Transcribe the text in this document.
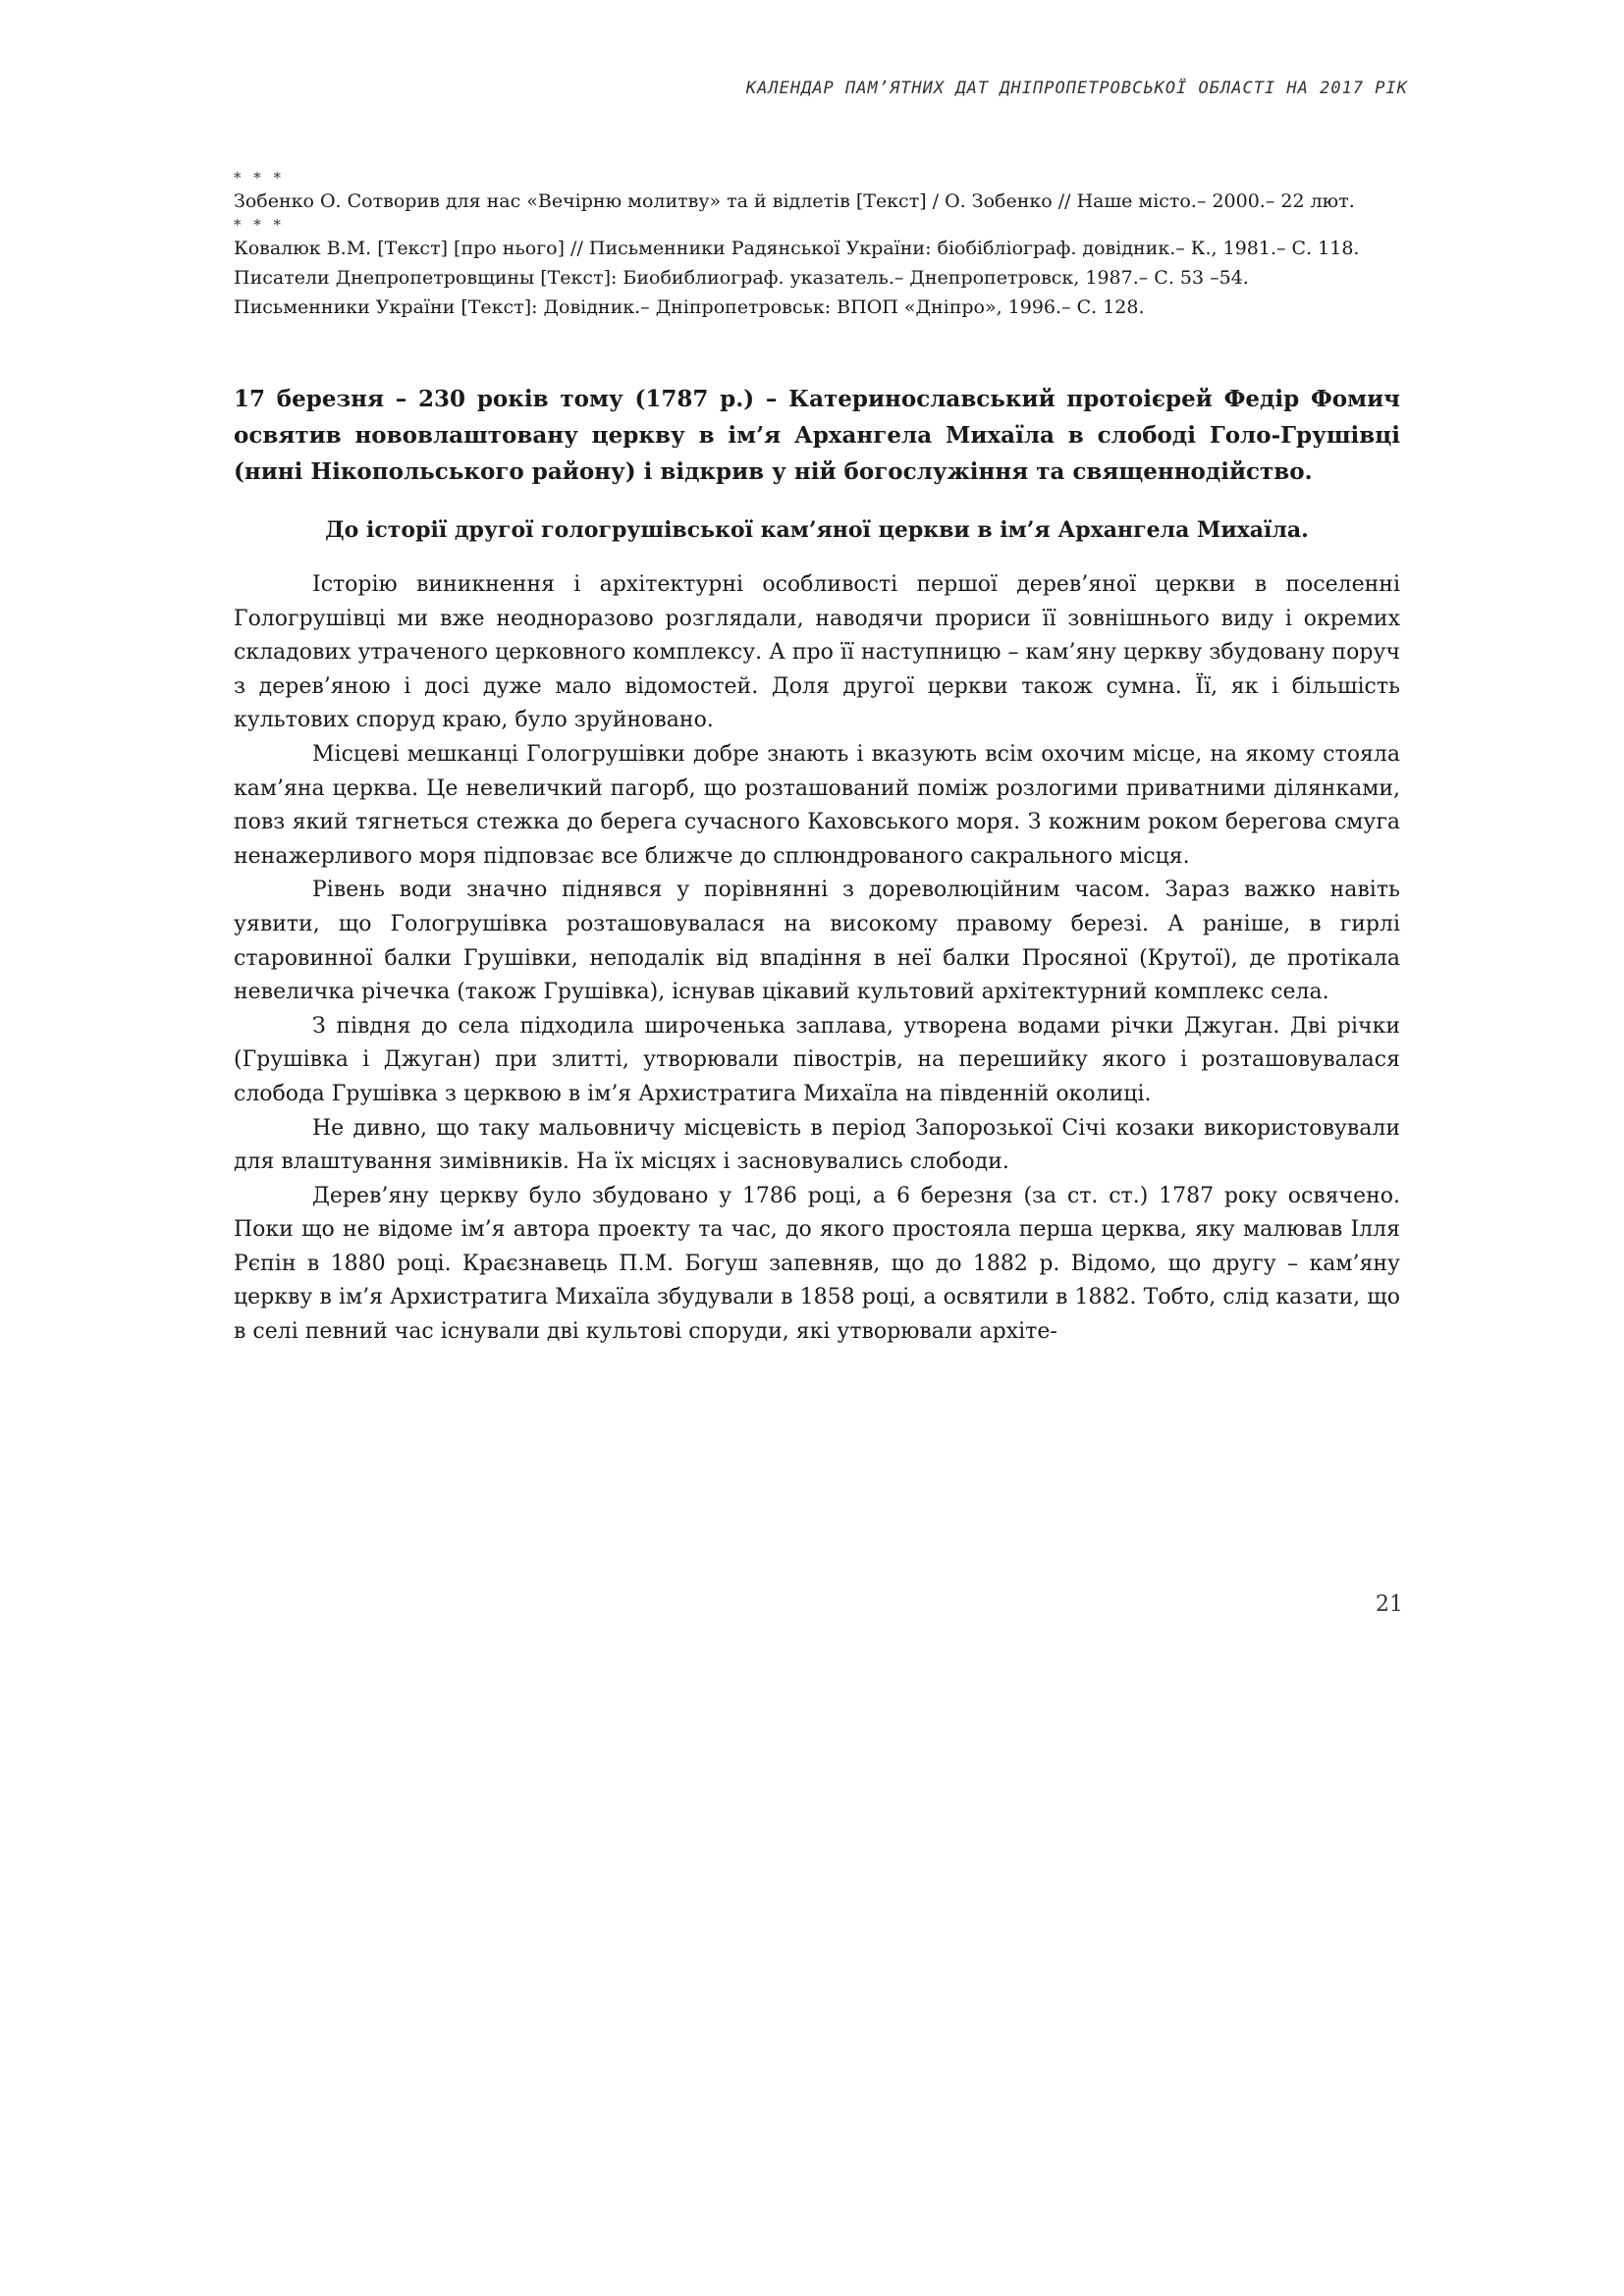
КАЛЕНДАР ПАМ’ЯТНИХ ДАТ ДНІПРОПЕТРОВСЬКОЇ ОБЛАСТІ НА 2017 РІК
* * *

Зобенко О. Сотворив для нас «Вечірню молитву» та й відлетів [Текст] / О. Зобенко // Наше місто.– 2000.– 22 лют.

* * *

Ковалюк В.М. [Текст] [про нього] // Письменники Радянської України: біобібліограф. довідник.– К., 1981.– С. 118.

Писатели Днепропетровщины [Текст]: Биобиблиограф. указатель.– Днепропетровск, 1987.– С. 53 –54.

Письменники України [Текст]: Довідник.– Дніпропетровськ: ВПОП «Дніпро», 1996.– С. 128.

17 березня – 230 років тому (1787 р.) – Катеринославський протоієрей Федір Фомич освятив нововлаштовану церкву в ім’я Архангела Михаїла в слободі Голо-Грушівці (нині Нікопольського району) і відкрив у ній богослужіння та священнодійство.
До історії другої гологрушівської кам’яної церкви в ім’я Архангела Михаїла.

Історію виникнення і архітектурні особливості першої дерев’яної церкви в поселенні Гологрушівці ми вже неодноразово розглядали, наводячи прориси її зовнішнього виду і окремих складових утраченого церковного комплексу. А про її наступницю – кам’яну церкву збудовану поруч з дерев’яною і досі дуже мало відомостей. Доля другої церкви також сумна. Її, як і більшість культових споруд краю, було зруйновано.

Місцеві мешканці Гологрушівки добре знають і вказують всім охочим місце, на якому стояла кам’яна церква. Це невеличкий пагорб, що розташований поміж розлогими приватними ділянками, повз який тягнеться стежка до берега сучасного Каховського моря. З кожним роком берегова смуга ненажерливого моря підповзає все ближче до сплюндрованого сакрального місця.

Рівень води значно піднявся у порівнянні з дореволюційним часом. Зараз важко навіть уявити, що Гологрушівка розташовувалася на високому правому березі. А раніше, в гирлі старовинної балки Грушівки, неподалік від впадіння в неї балки Просяної (Крутої), де протікала невеличка річечка (також Грушівка), існував цікавий культовий архітектурний комплекс села.

З півдня до села підходила широченька заплава, утворена водами річки Джуган. Дві річки (Грушівка і Джуган) при злитті, утворювали півострів, на перешийку якого і розташовувалася слобода Грушівка з церквою в ім’я Архистратига Михаїла на південній околиці.

Не дивно, що таку мальовничу місцевість в період Запорозької Січі козаки використовували для влаштування зимівників. На їх місцях і засновувались слободи.

Дерев’яну церкву було збудовано у 1786 році, а 6 березня (за ст. ст.) 1787 року освячено. Поки що не відоме ім’я автора проекту та час, до якого простояла перша церква, яку малював Ілля Рєпін в 1880 році. Краєзнавець П.М. Богуш запевняв, що до 1882 р. Відомо, що другу – кам’яну церкву в ім’я Архистратига Михаїла збудували в 1858 році, а освятили в 1882. Тобто, слід казати, що в селі певний час існували дві культові споруди, які утворювали архіте-

21
